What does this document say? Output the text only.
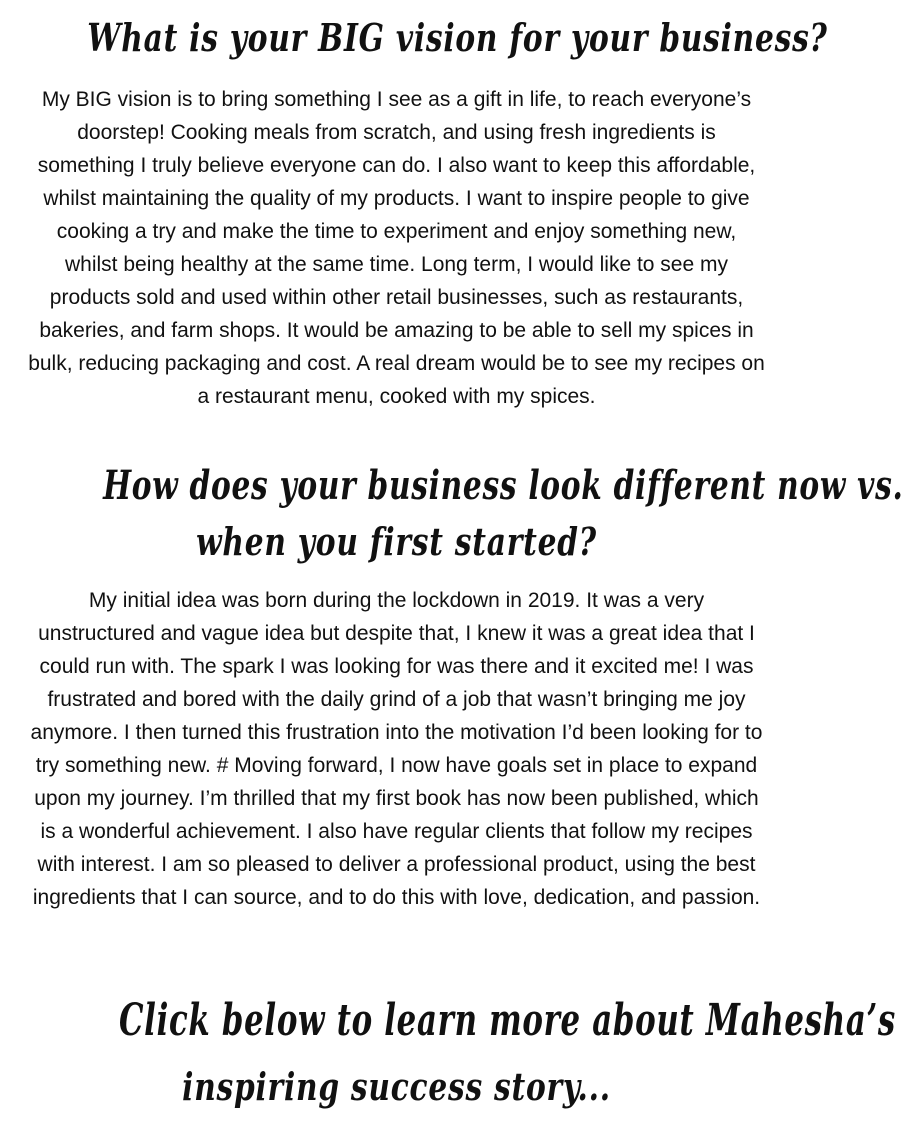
What is your BIG vision for your business?

My BIG vision is to bring something I see as a gift in life, to reach everyone’s doorstep! Cooking meals from scratch, and using fresh ingredients is something I truly believe everyone can do. I also want to keep this affordable, whilst maintaining the quality of my products. I want to inspire people to give cooking a try and make the time to experiment and enjoy something new, whilst being healthy at the same time. Long term, I would like to see my products sold and used within other retail businesses, such as restaurants, bakeries, and farm shops. It would be amazing to be able to sell my spices in bulk, reducing packaging and cost. A real dream would be to see my recipes on a restaurant menu, cooked with my spices.

How does your business look different now vs.
when you first started?

My initial idea was born during the lockdown in 2019. It was a very unstructured and vague idea but despite that, I knew it was a great idea that I could run with. The spark I was looking for was there and it excited me! I was frustrated and bored with the daily grind of a job that wasn’t bringing me joy anymore. I then turned this frustration into the motivation I’d been looking for to try something new. # Moving forward, I now have goals set in place to expand upon my journey. I’m thrilled that my first book has now been published, which is a wonderful achievement. I also have regular clients that follow my recipes with interest. I am so pleased to deliver a professional product, using the best ingredients that I can source, and to do this with love, dedication, and passion.

Click below to learn more about Mahesha’s
inspiring success story...
